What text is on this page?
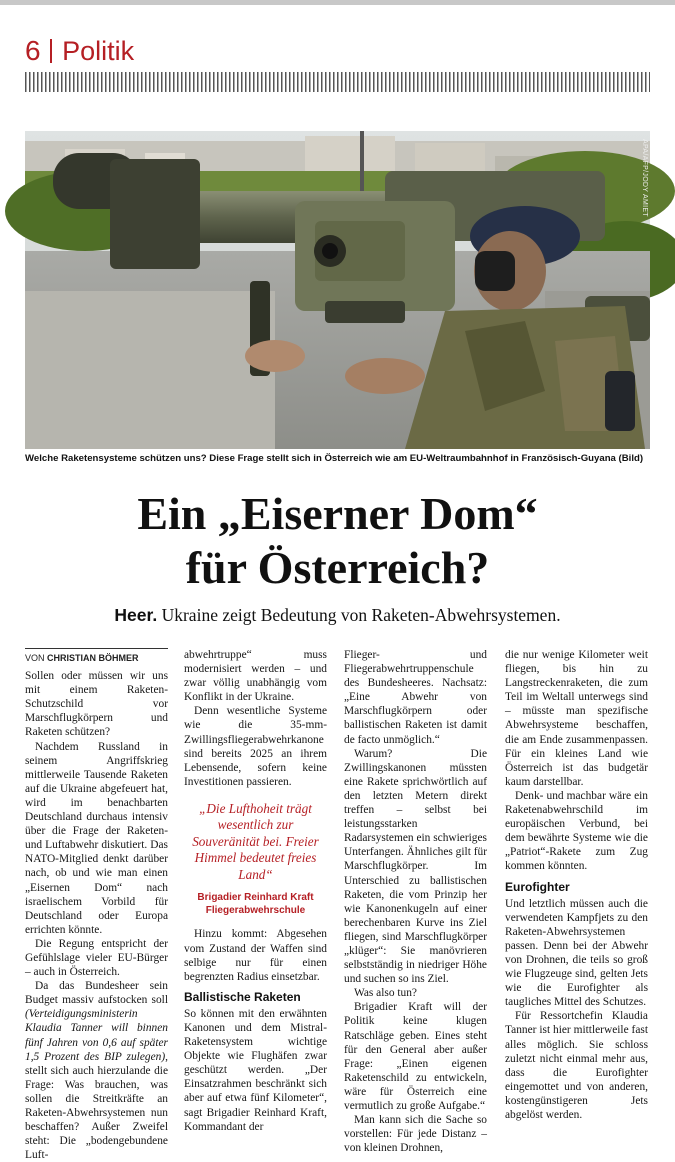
6 Politik
APA/AFP/JODY AMIET
Welche Raketensysteme schützen uns? Diese Frage stellt sich in Österreich wie am EU-Weltraumbahnhof in Französisch-Guyana (Bild)
Ein „Eiserner Dom“
für Österreich?
Heer. Ukraine zeigt Bedeutung von Raketen-Abwehrsystemen.
VON CHRISTIAN BÖHMER

Sollen oder müssen wir uns mit einem Raketen-Schutzschild vor Marschflugkörpern und Raketen schützen?

Nachdem Russland in seinem Angriffskrieg mittlerweile Tausende Raketen auf die Ukraine abgefeuert hat, wird im benachbarten Deutschland durchaus intensiv über die Frage der Raketen- und Luftabwehr diskutiert. Das NATO-Mitglied denkt darüber nach, ob und wie man einen „Eisernen Dom“ nach israelischem Vorbild für Deutschland oder Europa errichten könnte.

Die Regung entspricht der Gefühlslage vieler EU-Bürger – auch in Österreich.

Da das Bundesheer sein Budget massiv aufstocken soll (Verteidigungsministerin Klaudia Tanner will binnen fünf Jahren von 0,6 auf später 1,5 Prozent des BIP zulegen), stellt sich auch hierzulande die Frage: Was brauchen, was sollen die Streitkräfte an Raketen-Abwehrsystemen nun beschaffen? Außer Zweifel steht: Die „bodengebundene Luft-

abwehrtruppe“ muss modernisiert werden – und zwar völlig unabhängig vom Konflikt in der Ukraine.

Denn wesentliche Systeme wie die 35-mm-Zwillingsfliegerabwehrkanone sind bereits 2025 an ihrem Lebensende, sofern keine Investitionen passieren.

„Die Lufthoheit trägt wesentlich zur Souveränität bei. Freier Himmel bedeutet freies Land“
Brigadier Reinhard Kraft
Fliegerabwehrschule

Hinzu kommt: Abgesehen vom Zustand der Waffen sind selbige nur für einen begrenzten Radius einsetzbar.

Ballistische Raketen

So können mit den erwähnten Kanonen und dem Mistral-Raketensystem wichtige Objekte wie Flughäfen zwar geschützt werden. „Der Einsatzrahmen beschränkt sich aber auf etwa fünf Kilometer“, sagt Brigadier Reinhard Kraft, Kommandant der

Flieger- und Fliegerabwehrtruppenschule des Bundesheeres. Nachsatz: „Eine Abwehr von Marschflugkörpern oder ballistischen Raketen ist damit de facto unmöglich.“

Warum? Die Zwillingskanonen müssten eine Rakete sprichwörtlich auf den letzten Metern direkt treffen – selbst bei leistungsstarken Radarsystemen ein schwieriges Unterfangen. Ähnliches gilt für Marschflugkörper. Im Unterschied zu ballistischen Raketen, die vom Prinzip her wie Kanonenkugeln auf einer berechenbaren Kurve ins Ziel fliegen, sind Marschflugkörper „klüger“: Sie manövrieren selbstständig in niedriger Höhe und suchen so ins Ziel.

Was also tun?

Brigadier Kraft will der Politik keine klugen Ratschläge geben. Eines steht für den General aber außer Frage: „Einen eigenen Raketenschild zu entwickeln, wäre für Österreich eine vermutlich zu große Aufgabe.“

Man kann sich die Sache so vorstellen: Für jede Distanz – von kleinen Drohnen,

die nur wenige Kilometer weit fliegen, bis hin zu Langstreckenraketen, die zum Teil im Weltall unterwegs sind – müsste man spezifische Abwehrsysteme beschaffen, die am Ende zusammenpassen. Für ein kleines Land wie Österreich ist das budgetär kaum darstellbar.

Denk- und machbar wäre ein Raketenabwehrschild im europäischen Verbund, bei dem bewährte Systeme wie die „Patriot“-Rakete zum Zug kommen könnten.

Eurofighter

Und letztlich müssen auch die verwendeten Kampfjets zu den Raketen-Abwehrsystemen passen. Denn bei der Abwehr von Drohnen, die teils so groß wie Flugzeuge sind, gelten Jets wie die Eurofighter als taugliches Mittel des Schutzes.

Für Ressortchefin Klaudia Tanner ist hier mittlerweile fast alles möglich. Sie schloss zuletzt nicht einmal mehr aus, dass die Eurofighter eingemottet und von anderen, kostengünstigeren Jets abgelöst werden.
